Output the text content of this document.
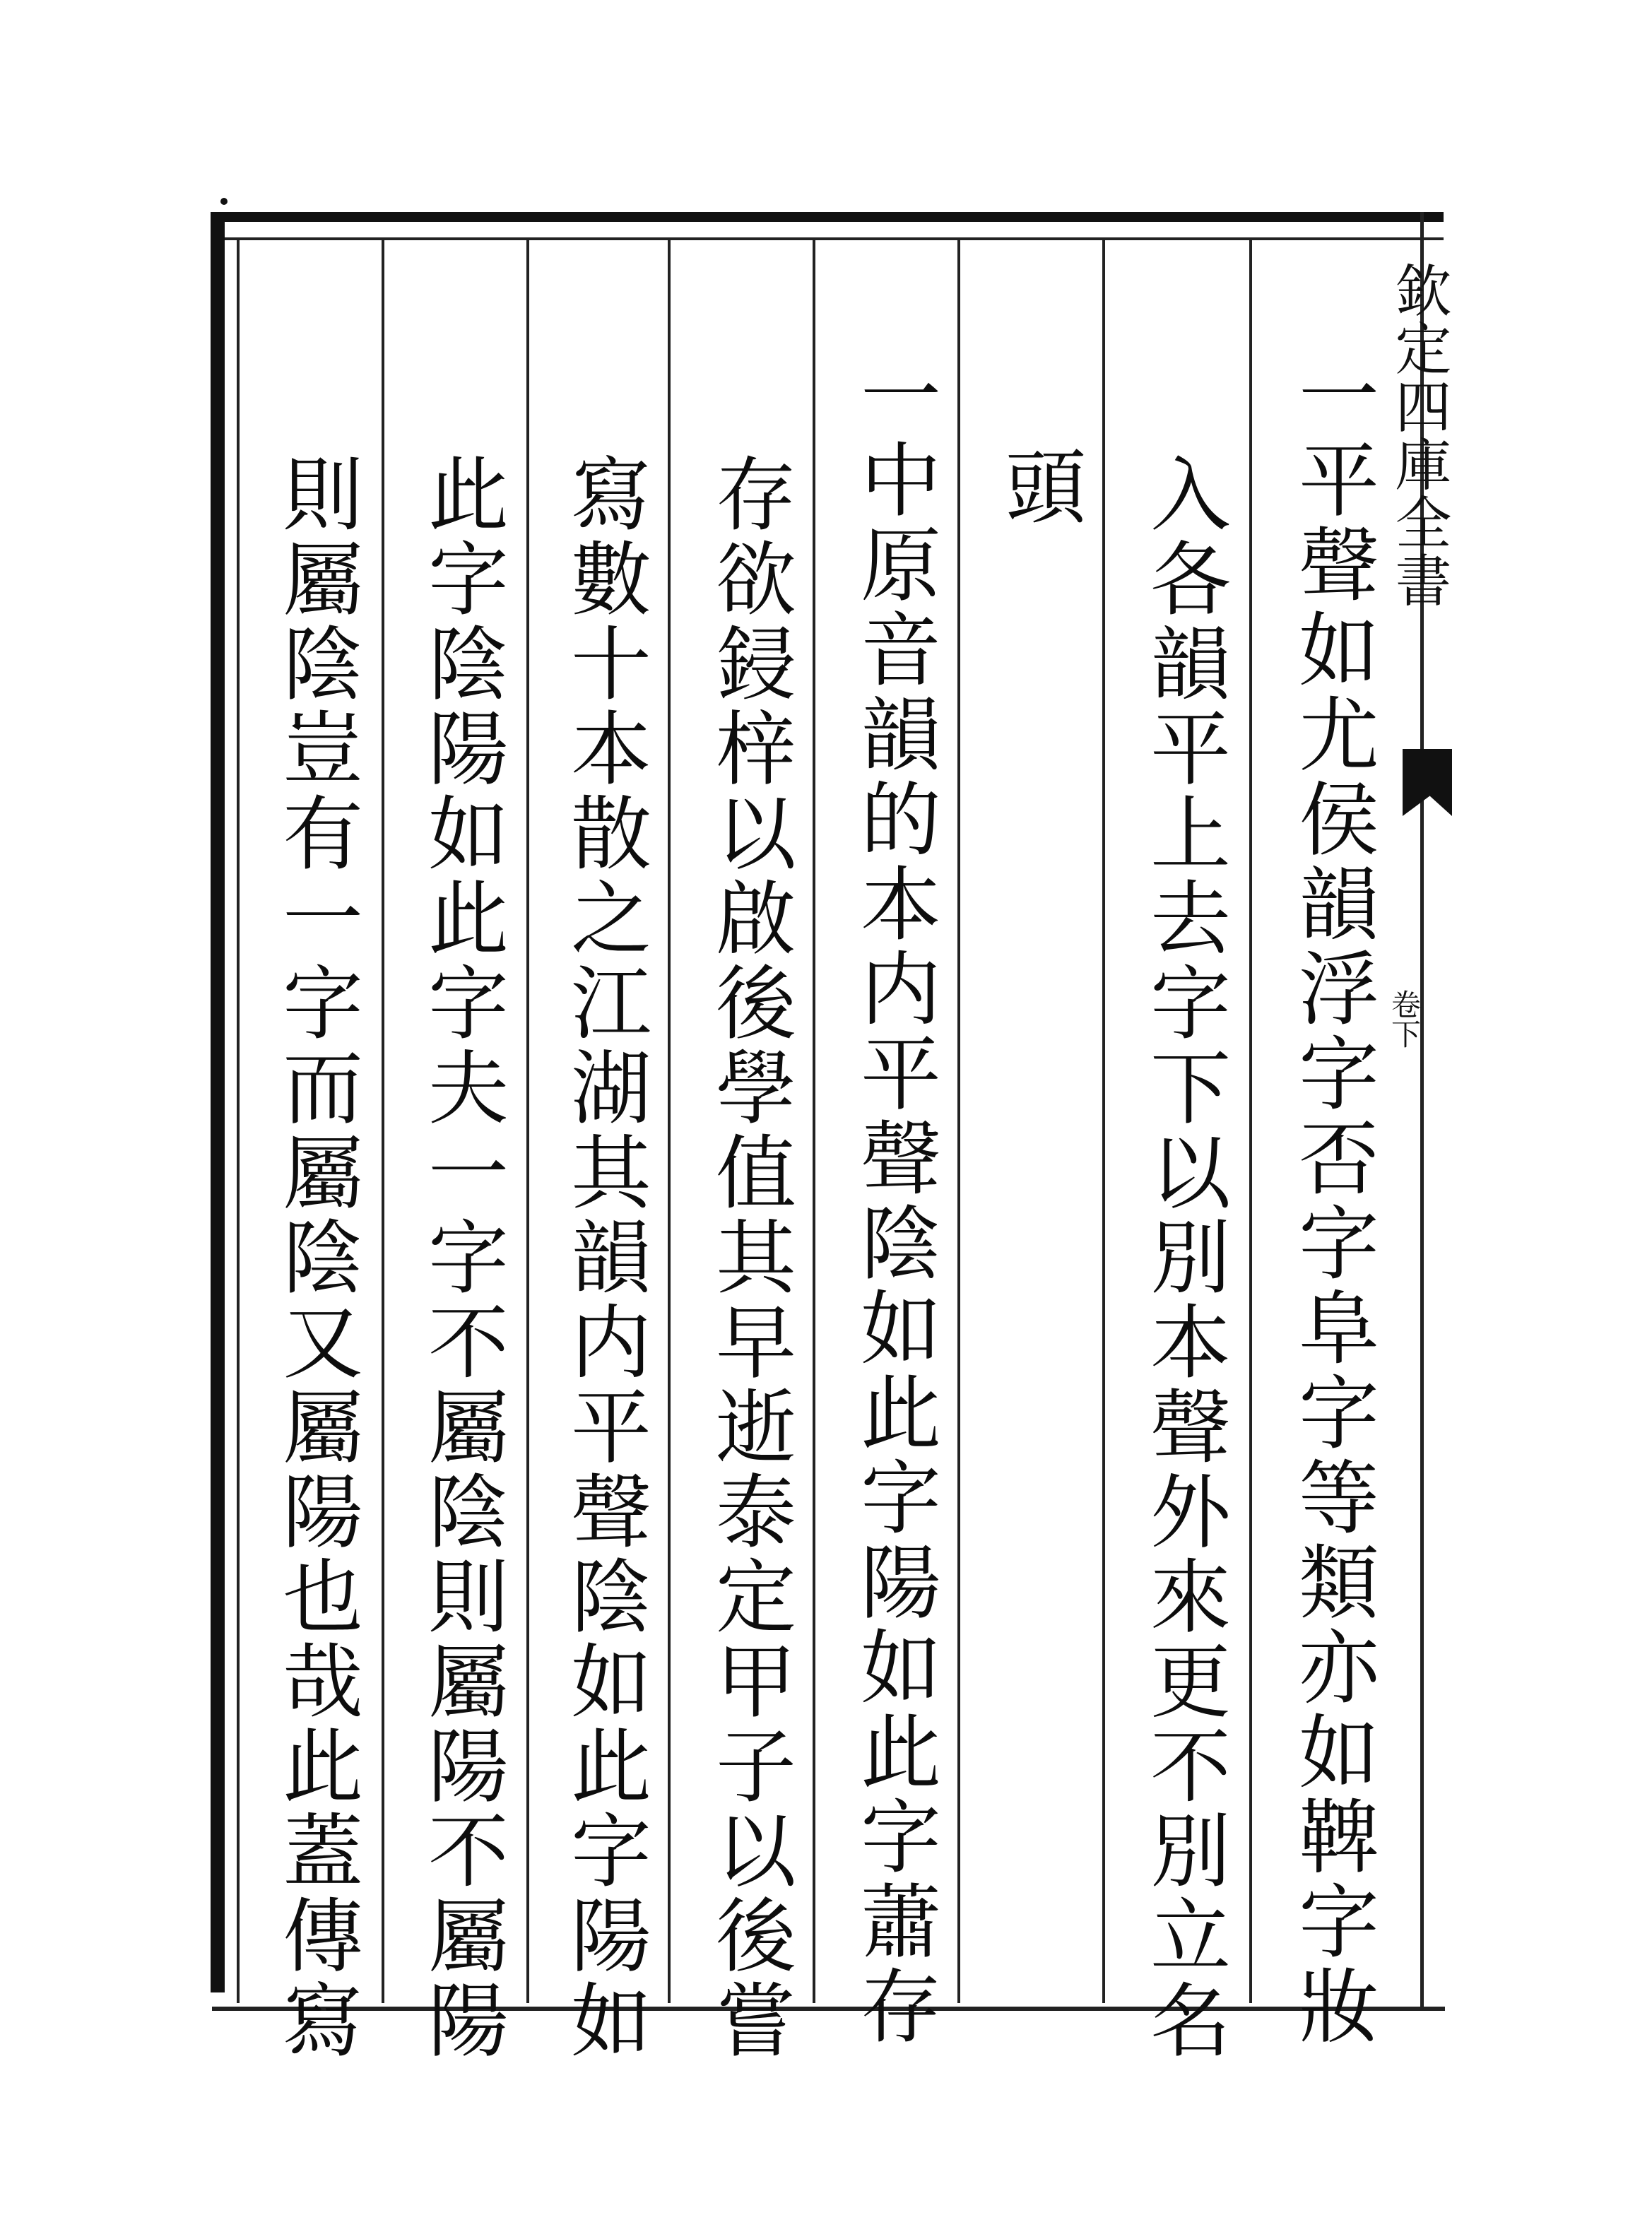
欽定四庫全書
卷下
一平聲如尤侯韻浮字否字阜字等類亦如鞞字妝
入各韻平上去字下以別本聲外來更不別立名
頭
一中原音韻的本内平聲陰如此字陽如此字蕭存
存欲鋟梓以啟後學值其早逝泰定甲子以後嘗
寫數十本散之江湖其韻内平聲陰如此字陽如
此字陰陽如此字夫一字不屬陰則屬陽不屬陽
則屬陰豈有一字而屬陰又屬陽也哉此蓋傳寫
